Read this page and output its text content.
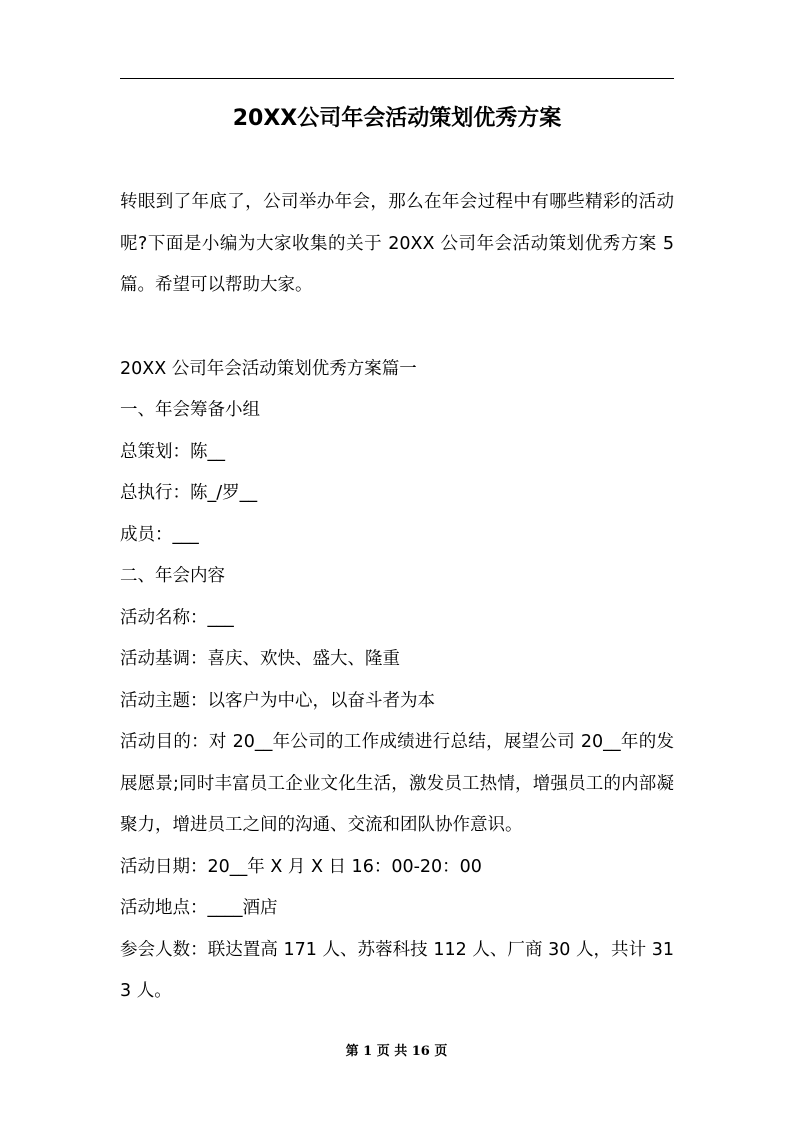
20XX公司年会活动策划优秀方案

转眼到了年底了，公司举办年会，那么在年会过程中有哪些精彩的活动呢?下面是小编为大家收集的关于 20XX 公司年会活动策划优秀方案 5 篇。希望可以帮助大家。

20XX 公司年会活动策划优秀方案篇一
一、年会筹备小组
总策划：陈__
总执行：陈_/罗__
成员：___
二、年会内容
活动名称：___
活动基调：喜庆、欢快、盛大、隆重
活动主题：以客户为中心，以奋斗者为本

活动目的：对 20__年公司的工作成绩进行总结，展望公司 20__年的发展愿景;同时丰富员工企业文化生活，激发员工热情，增强员工的内部凝聚力，增进员工之间的沟通、交流和团队协作意识。

活动日期：20__年 X 月 X 日 16：00-20：00
活动地点：____酒店

参会人数：联达置高 171 人、苏蓉科技 112 人、厂商 30 人，共计 313 人。

第 1 页 共 16 页
